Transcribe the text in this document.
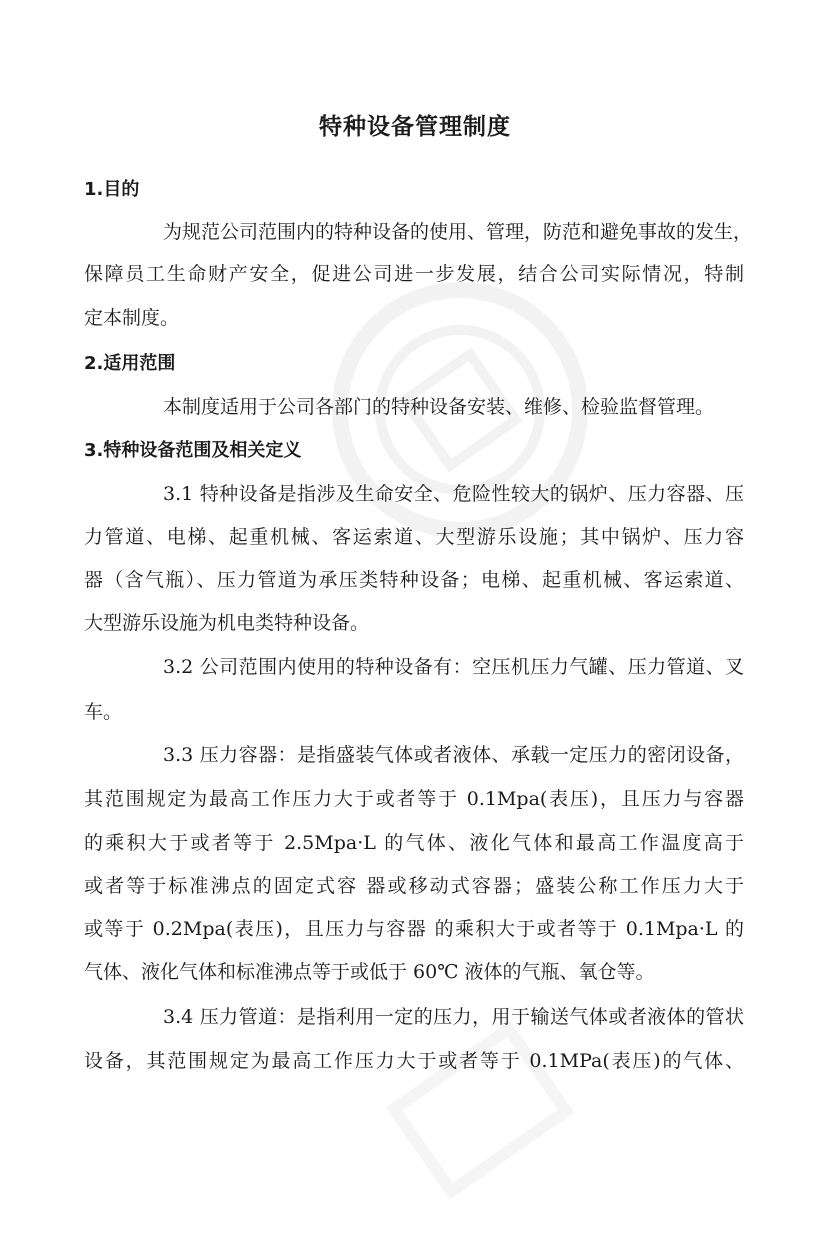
特种设备管理制度
1.目的
为规范公司范围内的特种设备的使用、管理，防范和避免事故的发生，
保障员工生命财产安全，促进公司进一步发展，结合公司实际情况，特制
定本制度。
2.适用范围
本制度适用于公司各部门的特种设备安装、维修、检验监督管理。
3.特种设备范围及相关定义
3.1 特种设备是指涉及生命安全、危险性较大的锅炉、压力容器、压
力管道、电梯、起重机械、客运索道、大型游乐设施；其中锅炉、压力容
器（含气瓶）、压力管道为承压类特种设备；电梯、起重机械、客运索道、
大型游乐设施为机电类特种设备。
3.2 公司范围内使用的特种设备有：空压机压力气罐、压力管道、叉
车。
3.3 压力容器：是指盛装气体或者液体、承载一定压力的密闭设备，
其范围规定为最高工作压力大于或者等于 0.1Mpa(表压)，且压力与容器
的乘积大于或者等于 2.5Mpa·L 的气体、液化气体和最高工作温度高于
或者等于标准沸点的固定式容 器或移动式容器；盛装公称工作压力大于
或等于 0.2Mpa(表压)，且压力与容器 的乘积大于或者等于 0.1Mpa·L 的
气体、液化气体和标准沸点等于或低于 60℃ 液体的气瓶、氧仓等。
3.4 压力管道：是指利用一定的压力，用于输送气体或者液体的管状
设备，其范围规定为最高工作压力大于或者等于 0.1MPa(表压)的气体、
